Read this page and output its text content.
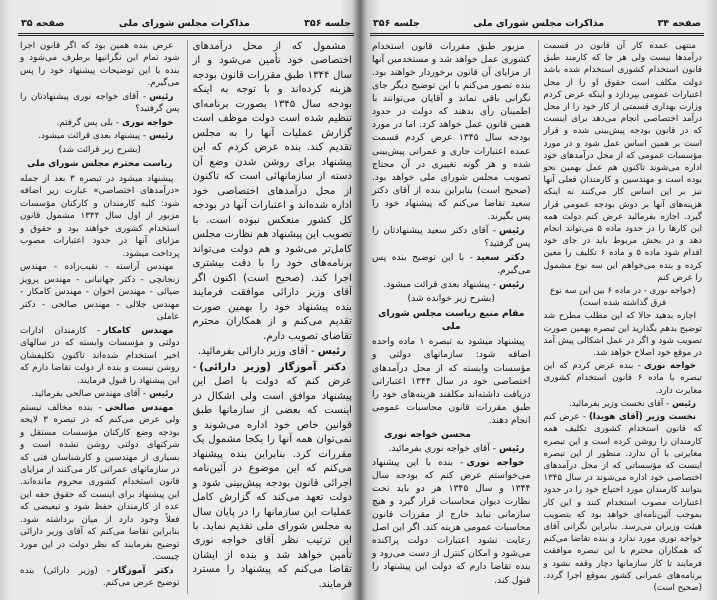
صفحه ۳۴
مذاکرات مجلس شورای ملی
جلسه ۳۵۶

منتهی عمده کار آن قانون در قسمت درآمدها نیست ولی هر جا که کارمند طبق قانون استخدام کشوری استخدام شده باشد دولت مکلف است حقوق او را از محل اعتبارات عمومی بپردازد و اینکه عرض کردم وزارت بهداری قسمتی از کار خود را از محل درآمد اختصاصی انجام می‌دهد برای اینست که در قانون بودجه پیش‌بینی شده و قرار است بر همین اساس عمل شود و در مورد مؤسسات عمومی که از محل درآمدهای خود اداره می‌شوند تاکنون هم عمل بهمین نحو بوده است و مهندسین و کارمندان فعلی آنها نیز بر این اساس کار می‌کنند نه اینکه هزینه‌های آنها بر دوش بودجه عمومی قرار گیرد. اجازه بفرمائید عرض کنم دولت همه این کارها را در حدود ماده ۵ می‌تواند انجام دهد و در بخش مربوط باید در جای خود اقدام شود ماده ۵ و ماده ۶ تکلیف را معین کرده و بنده می‌خواهم این سه نوع مشمول را عرض کنم

(خواجه نوری - در ماده ۶ بین این سه نوع فرق گذاشته شده است)

اجازه بدهید حالا که این مطلب مطرح شد توضیح بدهم بگذارید این تبصره بهمین صورت تصویب شود و اگر در عمل اشکالی پیش آمد در موقع خود اصلاح خواهد شد.

خواجه نوری- بنده عرض کردم که این تبصره با ماده ۶ قانون استخدام کشوری مغایرت دارد.

رئیس- آقای نخست وزیر بفرمائید.

نخست وزیر (آقای هویدا)- عرض کنم که قانون استخدام کشوری تکلیف همه کارمندان را روشن کرده است و این تبصره مغایرتی با آن ندارد. منظور از این تبصره اینست که مؤسساتی که از محل درآمدهای اختصاصی خود اداره می‌شوند در سال ۱۳۴۵ بتوانند کارمندان مورد احتیاج خود را در حدود اعتبارات مصوب استخدام کنند و این کار بموجب آئین‌نامه‌ای خواهد بود که بتصویب هیئت وزیران می‌رسد. بنابراین نگرانی آقای خواجه نوری مورد ندارد و بنده تقاضا می‌کنم که همکاران محترم با این تبصره موافقت فرمایند تا کار سازمانها دچار وقفه نشود و برنامه‌های عمرانی کشور بموقع اجرا گردد. (صحیح است)

مزبور طبق مقررات قانون استخدام کشوری عمل خواهد شد و مستخدمین آنها از مزایای آن قانون برخوردار خواهند بود. بنده تصور می‌کنم با این توضیح دیگر جای نگرانی باقی نماند و آقایان می‌توانند با اطمینان رأی بدهند که دولت در حدود همین قانون عمل خواهد کرد. اما در مورد بودجه سال ۱۳۴۵ عرض کردم قسمت عمده اعتبارات جاری و عمرانی پیش‌بینی شده و هر گونه تغییری در آن محتاج تصویب مجلس شورای ملی خواهد بود. (صحیح است) بنابراین بنده از آقای دکتر سعید تقاضا می‌کنم که پیشنهاد خود را پس بگیرند.

رئیس- آقای دکتر سعید پیشنهادتان را پس گرفتید؟

دکتر سعید- با این توضیح بنده پس می‌گیرم.

رئیس- پیشنهاد بعدی قرائت میشود.

(بشرح زیر خوانده شد)

مقام منیع ریاست مجلس شورای ملی

پیشنهاد میشود به تبصره ۱ ماده واحده اضافه شود: سازمانهای دولتی و مؤسسات وابسته که از محل درآمدهای اختصاصی خود در سال ۱۳۴۴ اعتباراتی دریافت داشته‌اند مکلفند هزینه‌های خود را طبق مقررات قانون محاسبات عمومی انجام دهند.

محسن خواجه نوری

رئیس- آقای خواجه نوری بفرمائید.

خواجه نوری- بنده با این پیشنهاد می‌خواستم عرض کنم که بودجه سال ۱۳۴۴ و سال ۱۳۴۵ هر دو باید تحت نظارت دیوان محاسبات قرار گیرد و هیچ سازمانی نباید خارج از مقررات قانون محاسبات عمومی هزینه کند. اگر این اصل رعایت نشود اعتبارات دولت پراکنده می‌شود و امکان کنترل از دست می‌رود و بنده تقاضا دارم که دولت این پیشنهاد را قبول کند.

جلسه ۳۵۶
مذاکرات مجلس شورای ملی
صفحه ۳۵

مشمول که از محل درآمدهای اختصاصی خود تأمین می‌شود و از سال ۱۳۴۴ طبق مقررات قانون بودجه هزینه کرده‌اند و با توجه به اینکه بودجه سال ۱۳۴۵ بصورت برنامه‌ای تنظیم شده است دولت موظف است گزارش عملیات آنها را به مجلس تقدیم کند. بنده عرض کردم که این پیشنهاد برای روشن شدن وضع آن دسته از سازمانهائی است که تاکنون از محل درآمدهای اختصاصی خود اداره شده‌اند و اعتبارات آنها در بودجه کل کشور منعکس نبوده است. با تصویب این پیشنهاد هم نظارت مجلس کامل‌تر می‌شود و هم دولت می‌تواند برنامه‌های خود را با دقت بیشتری اجرا کند. (صحیح است) اکنون اگر آقای وزیر دارائی موافقت فرمایند بنده پیشنهاد خود را بهمین صورت تقدیم می‌کنم و از همکاران محترم تقاضای تصویب دارم.

رئیس- آقای وزیر دارائی بفرمائید.

دکتر آموزگار (وزیر دارائی)- عرض کنم که دولت با اصل این پیشنهاد موافق است ولی اشکال در اینست که بعضی از سازمانها طبق قوانین خاص خود اداره می‌شوند و نمی‌توان همه آنها را یکجا مشمول یک مقررات کرد. بنابراین بنده پیشنهاد می‌کنم که این موضوع در آئین‌نامه اجرائی قانون بودجه پیش‌بینی شود و دولت تعهد می‌کند که گزارش کامل عملیات این سازمانها را در پایان سال به مجلس شورای ملی تقدیم نماید. با این ترتیب نظر آقای خواجه نوری تأمین خواهد شد و بنده از ایشان تقاضا می‌کنم که پیشنهاد را مسترد فرمایند.

عرض بنده همین بود که اگر قانون اجرا شود تمام این نگرانیها برطرف می‌شود و بنده با این توضیحات پیشنهاد خود را پس می‌گیرم.

رئیس- آقای خواجه نوری پیشنهادتان را پس گرفتید؟

خواجه نوری- بلی پس گرفتم.

رئیس- پیشنهاد بعدی قرائت میشود.

(بشرح زیر قرائت شد)

ریاست محترم مجلس شورای ملی

پیشنهاد میشود در تبصره ۳ بعد از جمله «درآمدهای اختصاصی» عبارت زیر اضافه شود: کلیه کارمندان و کارکنان مؤسسات مزبور از اول سال ۱۳۴۴ مشمول قانون استخدام کشوری خواهند بود و حقوق و مزایای آنها در حدود اعتبارات مصوب پرداخت میشود.

مهندس آراسته - نقیب‌زاده - مهندس زنجانچی - دکتر جهانبانی - مهندس پرویز ضیائی - مهندس اخوان - مهندس کامکار - مهندس جلالی - مهندس صالحی - دکتر عاملی

مهندس کامکار- کارمندان ادارات دولتی و مؤسسات وابسته که در سالهای اخیر استخدام شده‌اند تاکنون تکلیفشان روشن نیست و بنده از دولت تقاضا دارم که این پیشنهاد را قبول فرمایند.

رئیس- آقای مهندس صالحی بفرمائید.

مهندس صالحی- بنده مخالف نیستم ولی عرض می‌کنم که در تبصره ۳ لایحه بودجه وضع کارکنان مؤسسات مستقل و شرکتهای دولتی روشن نشده است و بسیاری از مهندسین و کارشناسان فنی که در سازمانهای عمرانی کار می‌کنند از مزایای قانون استخدام کشوری محروم مانده‌اند. این پیشنهاد برای اینست که حقوق حقه این عده از کارمندان حفظ شود و تبعیضی که فعلاً وجود دارد از میان برداشته شود. بنابراین تقاضا می‌کنم که آقای وزیر دارائی توضیح بفرمایند که نظر دولت در این مورد چیست.

دکتر آموزگار- (وزیر دارائی) بنده توضیح عرض می‌کنم.
